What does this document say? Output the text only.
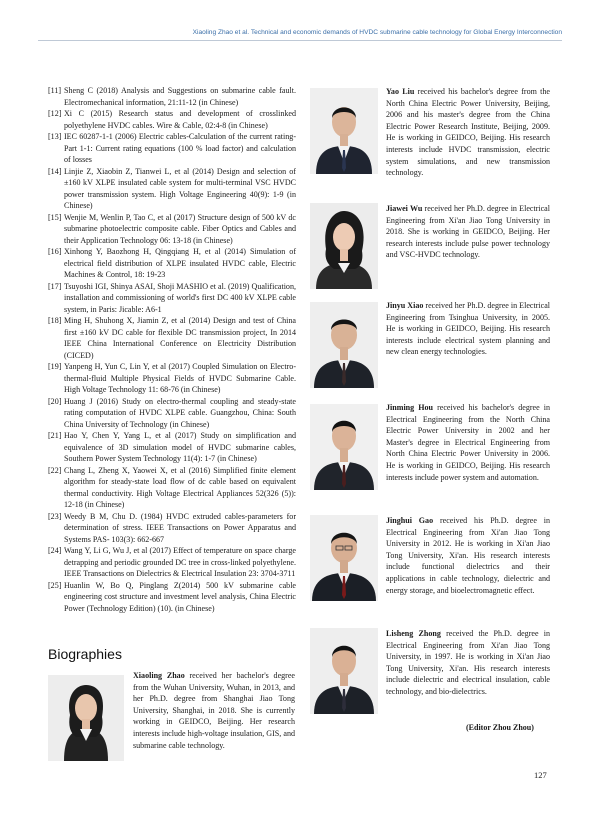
Xiaoling Zhao et al. Technical and economic demands of HVDC submarine cable technology for Global Energy Interconnection
[11] Sheng C (2018) Analysis and Suggestions on submarine cable fault. Electromechanical information, 21:11-12 (in Chinese)
[12] Xi C (2015) Research status and development of crosslinked polyethylene HVDC cables. Wire & Cable, 02:4-8 (in Chinese)
[13] IEC 60287-1-1 (2006) Electric cables-Calculation of the current rating-Part 1-1: Current rating equations (100 % load factor) and calculation of losses
[14] Linjie Z, Xiaobin Z, Tianwei L, et al (2014) Design and selection of ±160 kV XLPE insulated cable system for multi-terminal VSC HVDC power transmission system. High Voltage Engineering 40(9): 1-9 (in Chinese)
[15] Wenjie M, Wenlin P, Tao C, et al (2017) Structure design of 500 kV dc submarine photoelectric composite cable. Fiber Optics and Cables and their Application Technology 06: 13-18 (in Chinese)
[16] Xinhong Y, Baozhong H, Qingqiang H, et al (2014) Simulation of electrical field distribution of XLPE insulated HVDC cable, Electric Machines & Control, 18: 19-23
[17] Tsuyoshi IGI, Shinya ASAI, Shoji MASHIO et al. (2019) Qualification, installation and commissioning of world's first DC 400 kV XLPE cable system, in Paris: Jicable: A6-1
[18] Ming H, Shuhong X, Jiamin Z, et al (2014) Design and test of China first ±160 kV DC cable for flexible DC transmission project, In 2014 IEEE China International Conference on Electricity Distribution (CICED)
[19] Yanpeng H, Yun C, Lin Y, et al (2017) Coupled Simulation on Electro-thermal-fluid Multiple Physical Fields of HVDC Submarine Cable. High Voltage Technology 11: 68-76 (in Chinese)
[20] Huang J (2016) Study on electro-thermal coupling and steady-state rating computation of HVDC XLPE cable. Guangzhou, China: South China University of Technology (in Chinese)
[21] Hao Y, Chen Y, Yang L, et al (2017) Study on simplification and equivalence of 3D simulation model of HVDC submarine cables, Southern Power System Technology 11(4): 1-7 (in Chinese)
[22] Chang L, Zheng X, Yaowei X, et al (2016) Simplified finite element algorithm for steady-state load flow of dc cable based on equivalent thermal conductivity. High Voltage Electrical Appliances 52(326 (5)): 12-18 (in Chinese)
[23] Weedy B M, Chu D. (1984) HVDC extruded cables-parameters for determination of stress. IEEE Transactions on Power Apparatus and Systems PAS- 103(3): 662-667
[24] Wang Y, Li G, Wu J, et al (2017) Effect of temperature on space charge detrapping and periodic grounded DC tree in cross-linked polyethylene. IEEE Transactions on Dielectrics & Electrical Insulation 23: 3704-3711
[25] Huanlin W, Bo Q, Pinglang Z(2014) 500 kV submarine cable engineering cost structure and investment level analysis, China Electric Power (Technology Edition) (10). (in Chinese)
Biographies
Xiaoling Zhao received her bachelor's degree from the Wuhan University, Wuhan, in 2013, and her Ph.D. degree from Shanghai Jiao Tong University, Shanghai, in 2018. She is currently working in GEIDCO, Beijing. Her research interests include high-voltage insulation, GIS, and submarine cable technology.
Yao Liu received his bachelor's degree from the North China Electric Power University, Beijing, 2006 and his master's degree from the China Electric Power Research Institute, Beijing, 2009. He is working in GEIDCO, Beijing. His research interests include HVDC transmission, electric system simulations, and new transmission technology.
Jiawei Wu received her Ph.D. degree in Electrical Engineering from Xi'an Jiao Tong University in 2018. She is working in GEIDCO, Beijing. Her research interests include pulse power technology and VSC-HVDC technology.
Jinyu Xiao received her Ph.D. degree in Electrical Engineering from Tsinghua University, in 2005. He is working in GEIDCO, Beijing. His research interests include electrical system planning and new clean energy technologies.
Jinming Hou received his bachelor's degree in Electrical Engineering from the North China Electric Power University in 2002 and her Master's degree in Electrical Engineering from North China Electric Power University in 2006. He is working in GEIDCO, Beijing. His research interests include power system and automation.
Jinghui Gao received his Ph.D. degree in Electrical Engineering from Xi'an Jiao Tong University in 2012. He is working in Xi'an Jiao Tong University, Xi'an. His research interests include functional dielectrics and their applications in cable technology, dielectric and energy storage, and bioelectromagnetic effect.
Lisheng Zhong received the Ph.D. degree in Electrical Engineering from Xi'an Jiao Tong University, in 1997. He is working in Xi'an Jiao Tong University, Xi'an. His research interests include dielectric and electrical insulation, cable technology, and bio-dielectrics.
(Editor Zhou Zhou)
127
